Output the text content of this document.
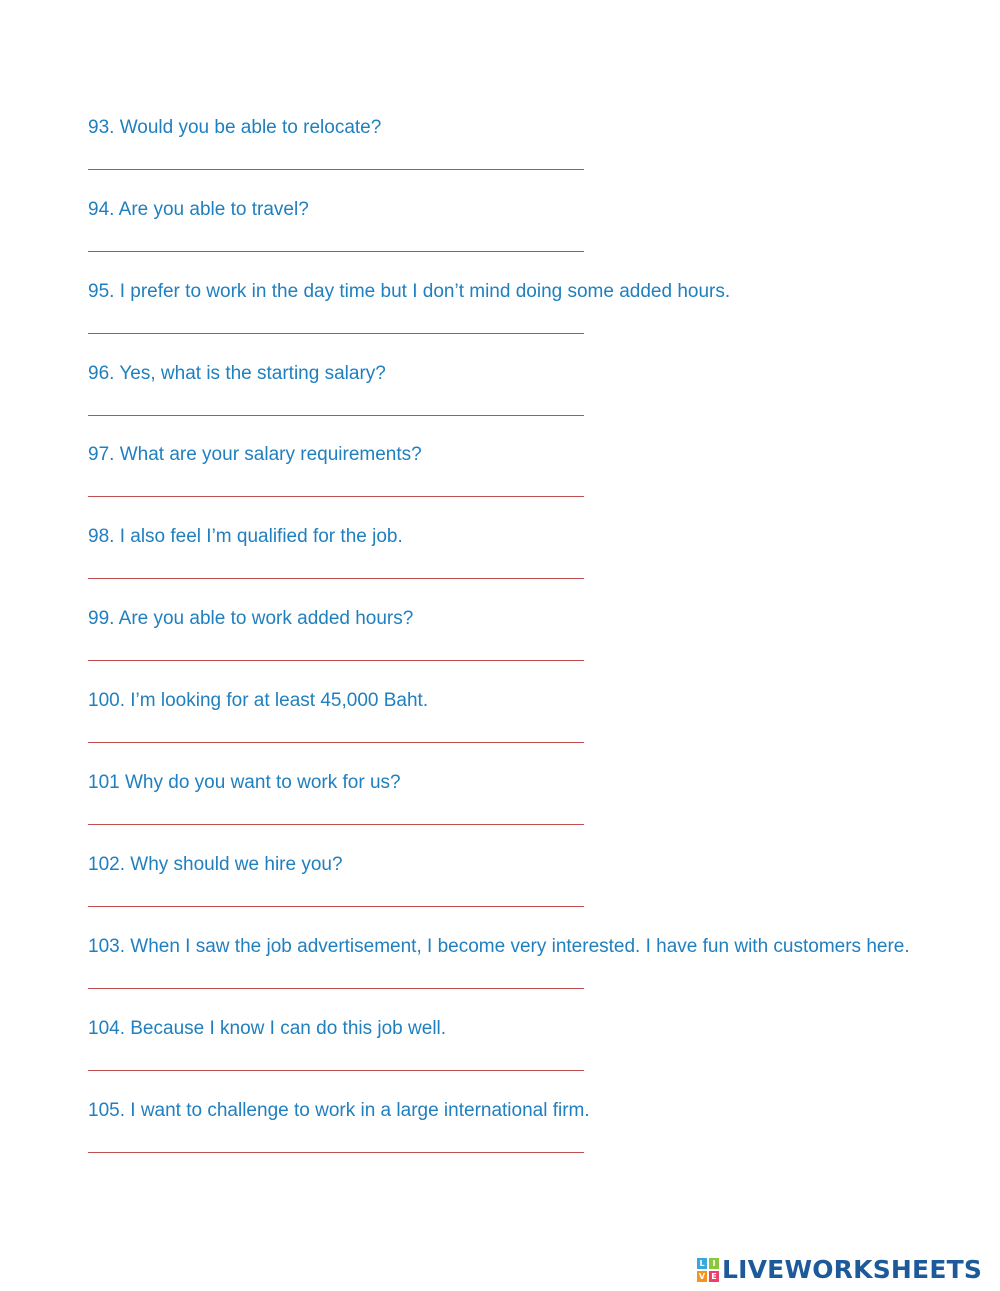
93. Would you be able to relocate?
94. Are you able to travel?
95. I prefer to work in the day time but I don’t mind doing some added hours.
96. Yes, what is the starting salary?
97. What are your salary requirements?
98. I also feel I’m qualified for the job.
99. Are you able to work added hours?
100. I’m looking for at least 45,000 Baht.
101 Why do you want to work for us?
102. Why should we hire you?
103. When I saw the job advertisement, I become very interested. I have fun with customers here.
104. Because I know I can do this job well.
105. I want to challenge to work in a large international firm.
L I
V E LIVEWORKSHEETS
